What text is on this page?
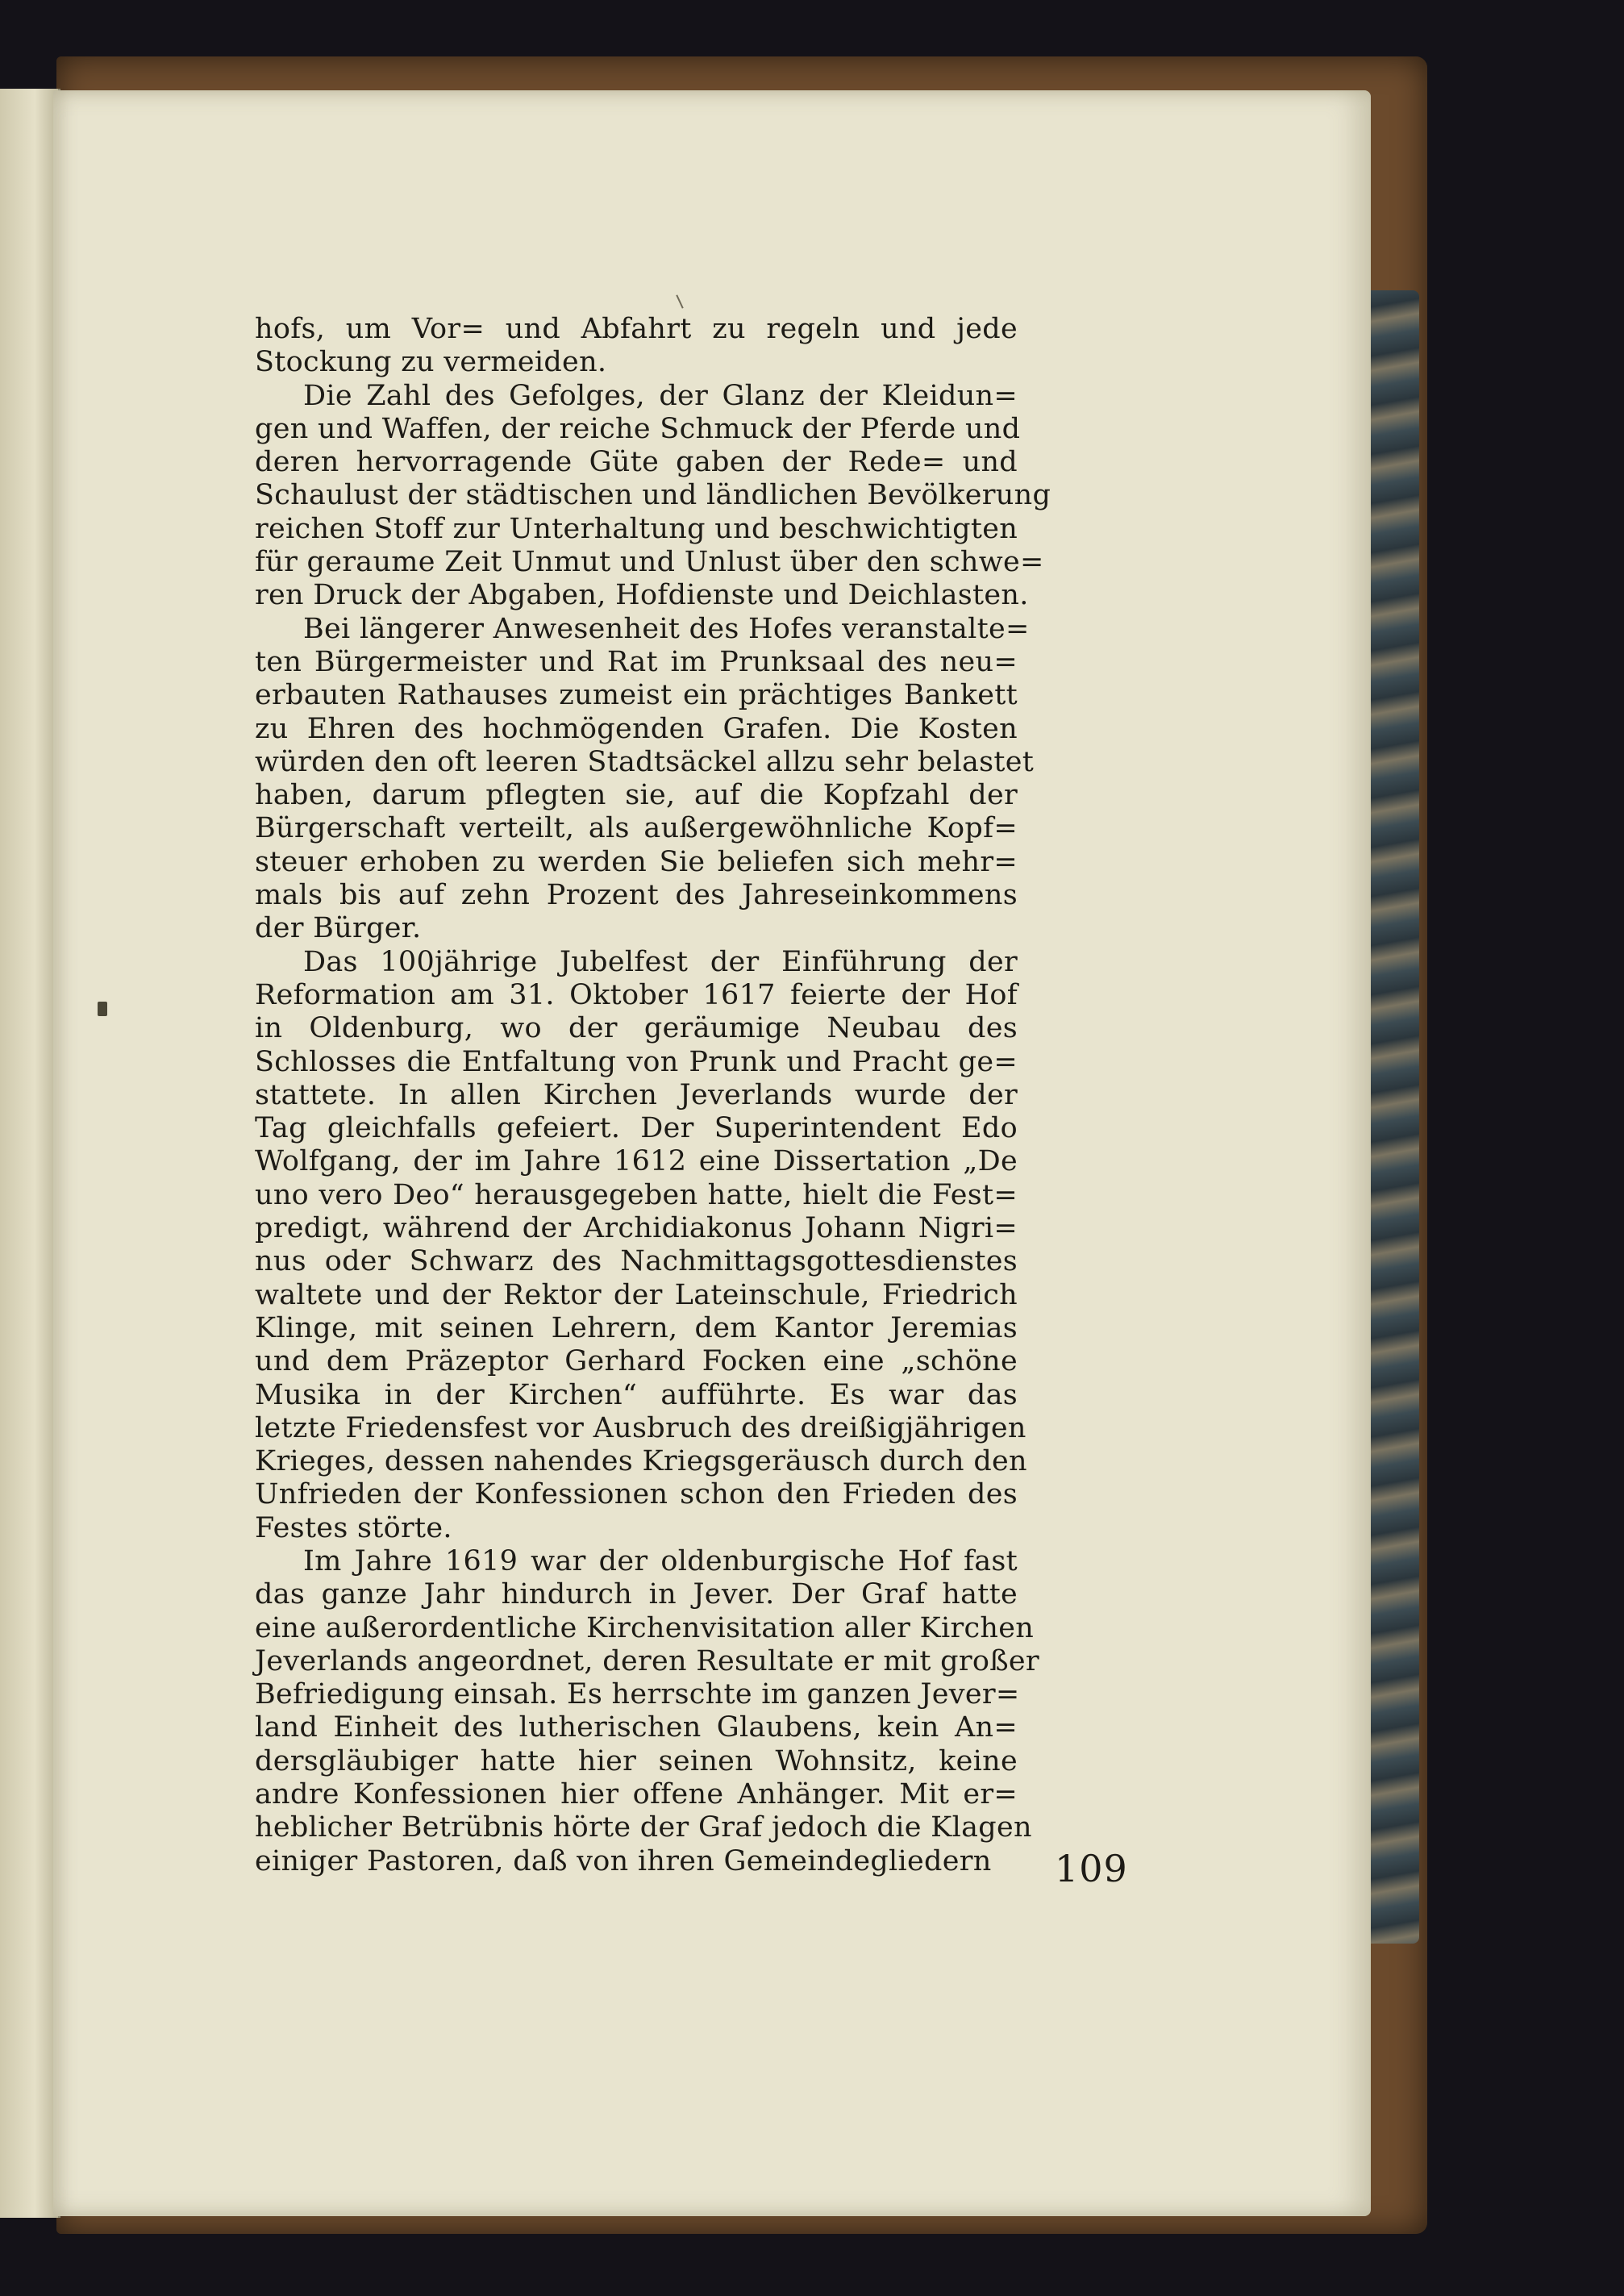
hofs, um Vor= und Abfahrt zu regeln und jede
Stockung zu vermeiden.
Die Zahl des Gefolges, der Glanz der Kleidun=
gen und Waffen, der reiche Schmuck der Pferde und
deren hervorragende Güte gaben der Rede= und
Schaulust der städtischen und ländlichen Bevölkerung
reichen Stoff zur Unterhaltung und beschwichtigten
für geraume Zeit Unmut und Unlust über den schwe=
ren Druck der Abgaben, Hofdienste und Deichlasten.
Bei längerer Anwesenheit des Hofes veranstalte=
ten Bürgermeister und Rat im Prunksaal des neu=
erbauten Rathauses zumeist ein prächtiges Bankett
zu Ehren des hochmögenden Grafen. Die Kosten
würden den oft leeren Stadtsäckel allzu sehr belastet
haben, darum pflegten sie, auf die Kopfzahl der
Bürgerschaft verteilt, als außergewöhnliche Kopf=
steuer erhoben zu werden Sie beliefen sich mehr=
mals bis auf zehn Prozent des Jahreseinkommens
der Bürger.
Das 100jährige Jubelfest der Einführung der
Reformation am 31. Oktober 1617 feierte der Hof
in Oldenburg, wo der geräumige Neubau des
Schlosses die Entfaltung von Prunk und Pracht ge=
stattete. In allen Kirchen Jeverlands wurde der
Tag gleichfalls gefeiert. Der Superintendent Edo
Wolfgang, der im Jahre 1612 eine Dissertation „De
uno vero Deo“ herausgegeben hatte, hielt die Fest=
predigt, während der Archidiakonus Johann Nigri=
nus oder Schwarz des Nachmittagsgottesdienstes
waltete und der Rektor der Lateinschule, Friedrich
Klinge, mit seinen Lehrern, dem Kantor Jeremias
und dem Präzeptor Gerhard Focken eine „schöne
Musika in der Kirchen“ aufführte. Es war das
letzte Friedensfest vor Ausbruch des dreißigjährigen
Krieges, dessen nahendes Kriegsgeräusch durch den
Unfrieden der Konfessionen schon den Frieden des
Festes störte.
Im Jahre 1619 war der oldenburgische Hof fast
das ganze Jahr hindurch in Jever. Der Graf hatte
eine außerordentliche Kirchenvisitation aller Kirchen
Jeverlands angeordnet, deren Resultate er mit großer
Befriedigung einsah. Es herrschte im ganzen Jever=
land Einheit des lutherischen Glaubens, kein An=
dersgläubiger hatte hier seinen Wohnsitz, keine
andre Konfessionen hier offene Anhänger. Mit er=
heblicher Betrübnis hörte der Graf jedoch die Klagen
einiger Pastoren, daß von ihren Gemeindegliedern	109
